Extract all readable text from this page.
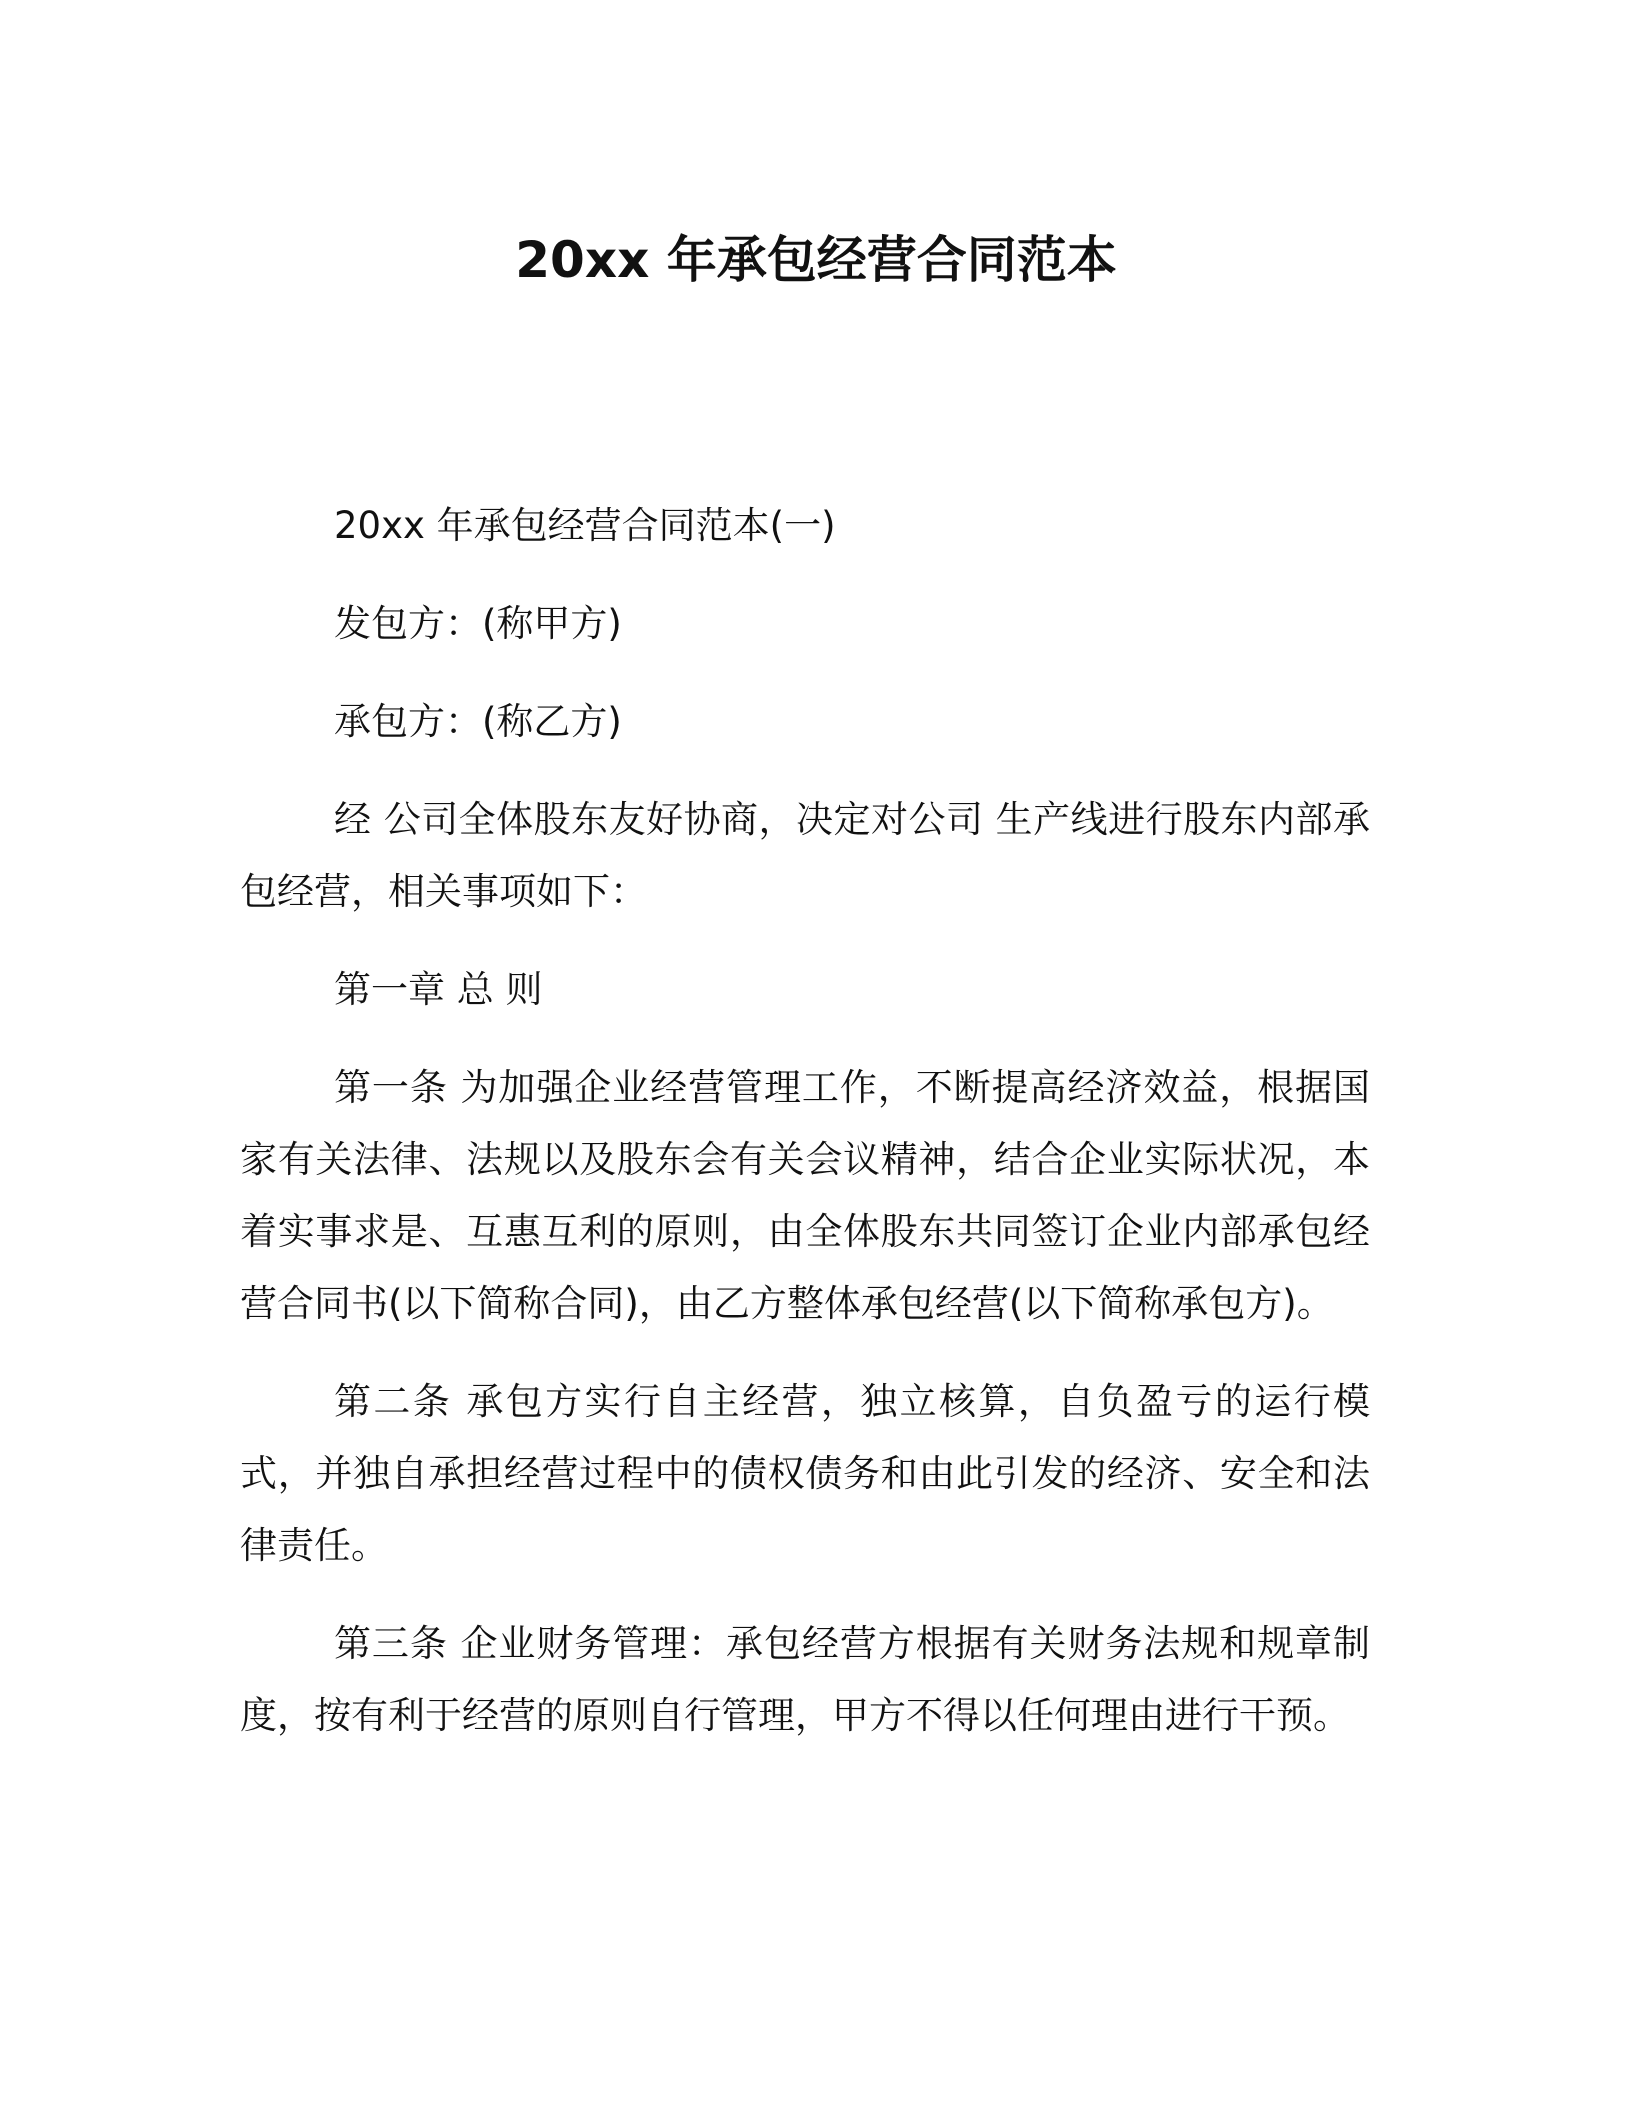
20xx 年承包经营合同范本

20xx 年承包经营合同范本(一)

发包方：(称甲方)

承包方：(称乙方)

经 公司全体股东友好协商，决定对公司 生产线进行股东内部承包经营，相关事项如下：

第一章 总 则

第一条 为加强企业经营管理工作，不断提高经济效益，根据国家有关法律、法规以及股东会有关会议精神，结合企业实际状况，本着实事求是、互惠互利的原则，由全体股东共同签订企业内部承包经营合同书(以下简称合同)，由乙方整体承包经营(以下简称承包方)。

第二条 承包方实行自主经营，独立核算，自负盈亏的运行模式，并独自承担经营过程中的债权债务和由此引发的经济、安全和法律责任。

第三条 企业财务管理：承包经营方根据有关财务法规和规章制度，按有利于经营的原则自行管理，甲方不得以任何理由进行干预。
